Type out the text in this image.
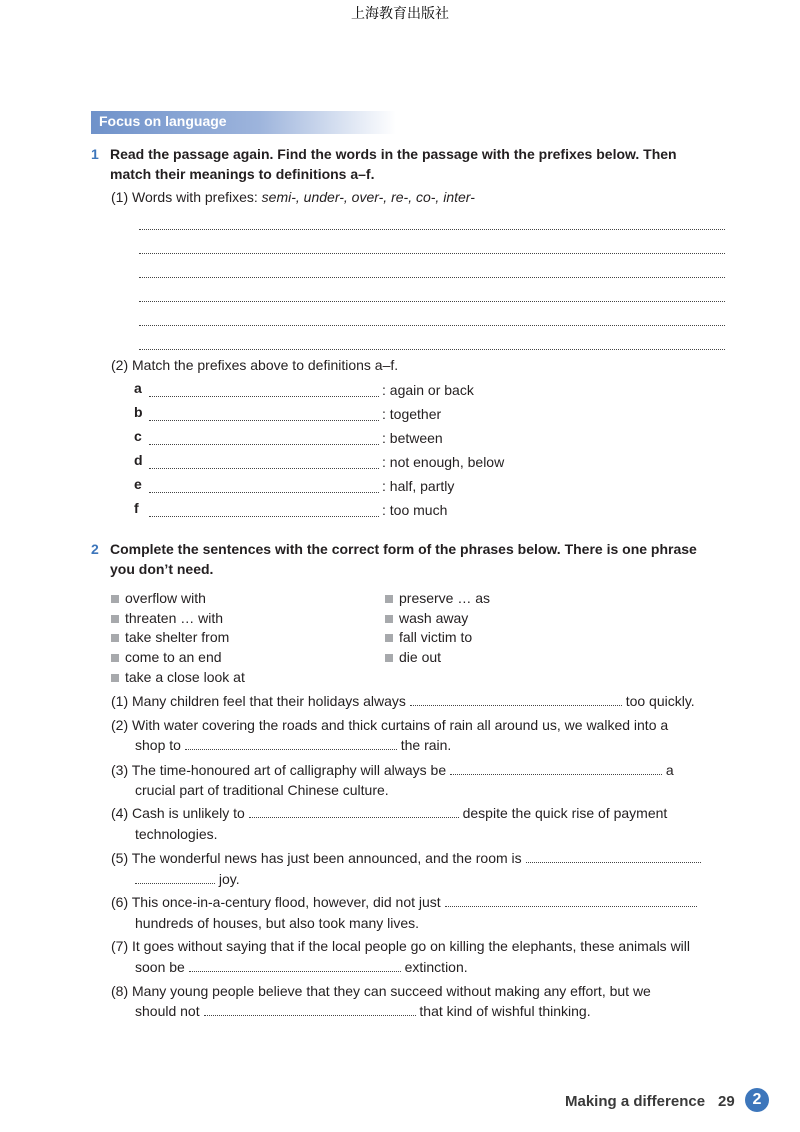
上海教育出版社
Focus on language
1 Read the passage again. Find the words in the passage with the prefixes below. Then
match their meanings to definitions a–f.
(1) Words with prefixes: semi-, under-, over-, re-, co-, inter-
(2) Match the prefixes above to definitions a–f.
a	: again or back
b	: together
c	: between
d	: not enough, below
e	: half, partly
f	: too much
2 Complete the sentences with the correct form of the phrases below. There is one phrase
you don’t need.
overflow with
threaten … with
take shelter from
come to an end
take a close look at
preserve … as
wash away
fall victim to
die out
(1) Many children feel that their holidays always	too quickly.
(2) With water covering the roads and thick curtains of rain all around us, we walked into a
shop to	the rain.
(3) The time-honoured art of calligraphy will always be	a
crucial part of traditional Chinese culture.
(4) Cash is unlikely to	despite the quick rise of payment
technologies.
(5) The wonderful news has just been announced, and the room is
joy.
(6) This once-in-a-century flood, however, did not just
hundreds of houses, but also took many lives.
(7) It goes without saying that if the local people go on killing the elephants, these animals will
soon be	extinction.
(8) Many young people believe that they can succeed without making any effort, but we
should not	that kind of wishful thinking.
Making a difference 29	2
